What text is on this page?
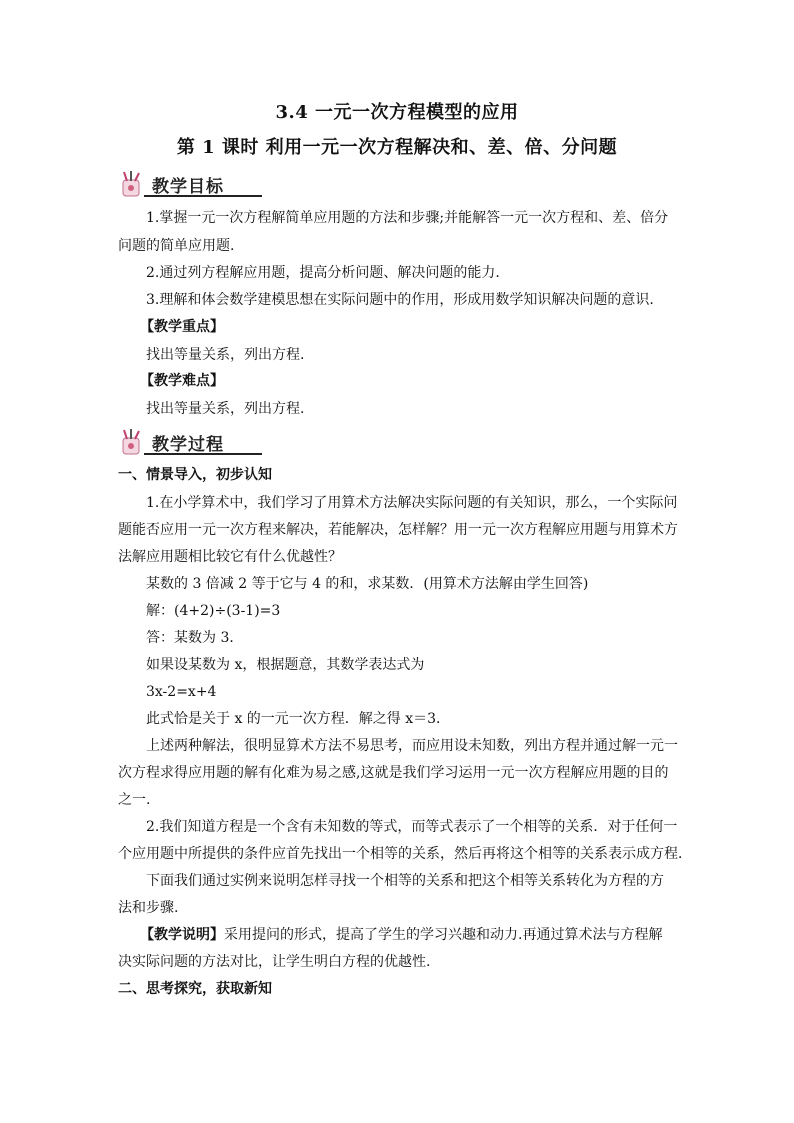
3.4 一元一次方程模型的应用
第 1 课时 利用一元一次方程解决和、差、倍、分问题
教学目标
1.掌握一元一次方程解简单应用题的方法和步骤;并能解答一元一次方程和、差、倍分
问题的简单应用题.
2.通过列方程解应用题，提高分析问题、解决问题的能力.
3.理解和体会数学建模思想在实际问题中的作用，形成用数学知识解决问题的意识.
【教学重点】
找出等量关系，列出方程.
【教学难点】
找出等量关系，列出方程.
教学过程
一、情景导入，初步认知
1.在小学算术中，我们学习了用算术方法解决实际问题的有关知识，那么，一个实际问
题能否应用一元一次方程来解决，若能解决，怎样解？用一元一次方程解应用题与用算术方
法解应用题相比较它有什么优越性？
某数的 3 倍减 2 等于它与 4 的和，求某数．(用算术方法解由学生回答)
解：(4+2)÷(3-1)=3
答：某数为 3．
如果设某数为 x，根据题意，其数学表达式为
3x-2=x+4
此式恰是关于 x 的一元一次方程．解之得 x＝3．
上述两种解法，很明显算术方法不易思考，而应用设未知数，列出方程并通过解一元一
次方程求得应用题的解有化难为易之感,这就是我们学习运用一元一次方程解应用题的目的
之一.
2.我们知道方程是一个含有未知数的等式，而等式表示了一个相等的关系．对于任何一
个应用题中所提供的条件应首先找出一个相等的关系，然后再将这个相等的关系表示成方程．
下面我们通过实例来说明怎样寻找一个相等的关系和把这个相等关系转化为方程的方
法和步骤.
【教学说明】采用提问的形式，提高了学生的学习兴趣和动力.再通过算术法与方程解
决实际问题的方法对比，让学生明白方程的优越性.
二、思考探究，获取新知
